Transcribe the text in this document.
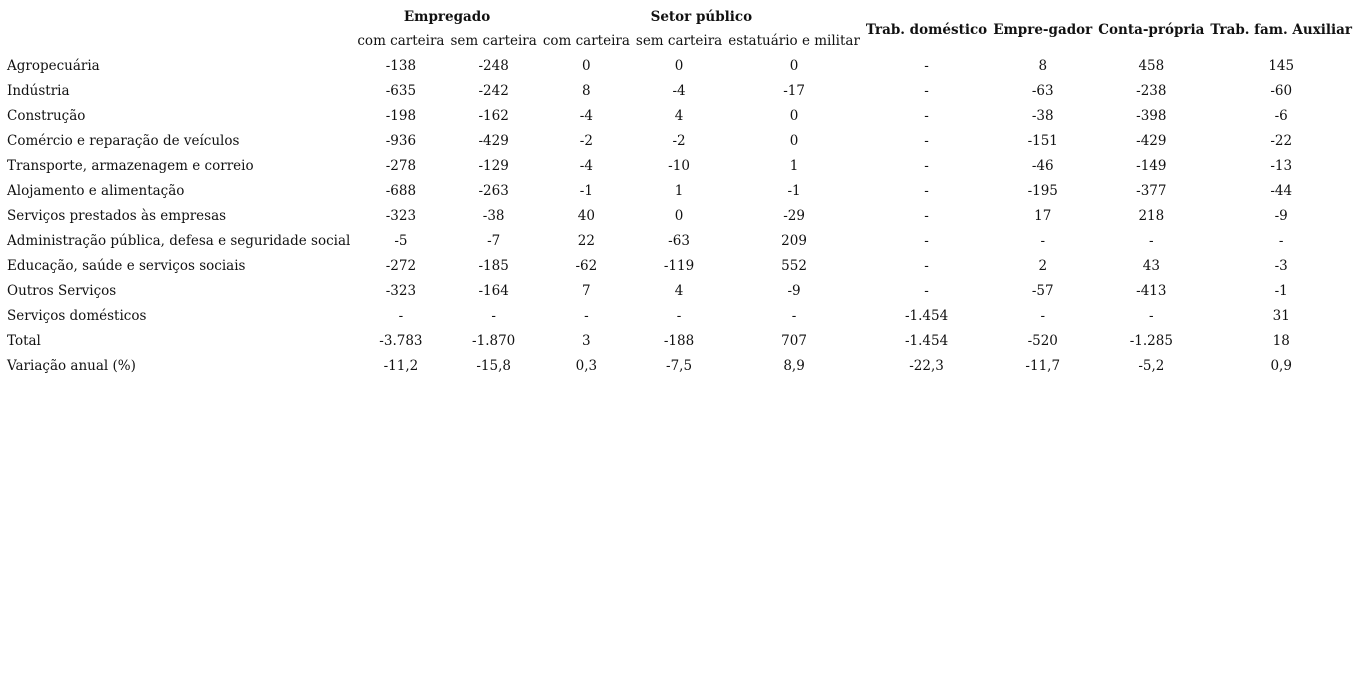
	Empregado		Setor público			Trab. doméstico	Empre-gador	Conta-própria	Trab. fam. Auxiliar
	com carteira	sem carteira	com carteira	sem carteira	estatuário e militar				
Agropecuária	-138	-248	0	0	0	-	8	458	145
Indústria	-635	-242	8	-4	-17	-	-63	-238	-60
Construção	-198	-162	-4	4	0	-	-38	-398	-6
Comércio e reparação de veículos	-936	-429	-2	-2	0	-	-151	-429	-22
Transporte, armazenagem e correio	-278	-129	-4	-10	1	-	-46	-149	-13
Alojamento e alimentação	-688	-263	-1	1	-1	-	-195	-377	-44
Serviços prestados às empresas	-323	-38	40	0	-29	-	17	218	-9
Administração pública, defesa e seguridade social	-5	-7	22	-63	209	-	-	-	-
Educação, saúde e serviços sociais	-272	-185	-62	-119	552	-	2	43	-3
Outros Serviços	-323	-164	7	4	-9	-	-57	-413	-1
Serviços domésticos	-	-	-	-	-	-1.454	-	-	31
Total	-3.783	-1.870	3	-188	707	-1.454	-520	-1.285	18
Variação anual (%)	-11,2	-15,8	0,3	-7,5	8,9	-22,3	-11,7	-5,2	0,9
